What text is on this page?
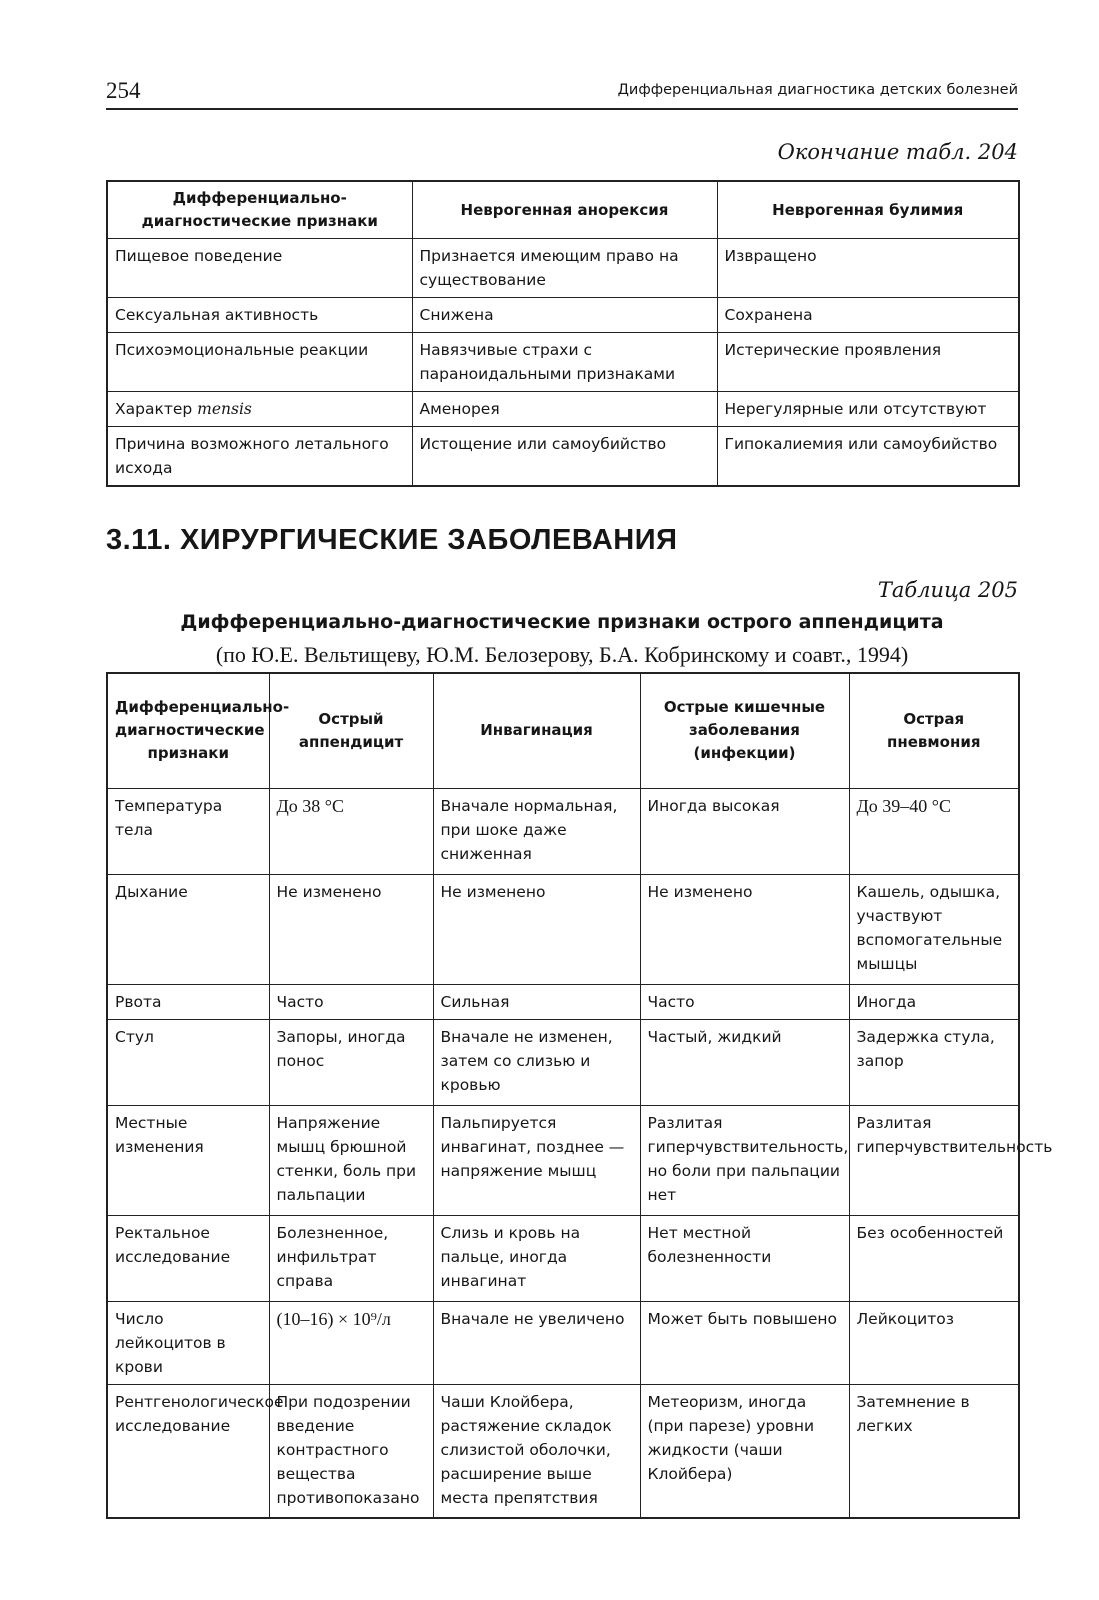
254	Дифференциальная диагностика детских болезней
Окончание табл. 204
Дифференциально-диагностические признаки	Неврогенная анорексия	Неврогенная булимия
Пищевое поведение	Признается имеющим право на существование	Извращено
Сексуальная активность	Снижена	Сохранена
Психоэмоциональные реакции	Навязчивые страхи с параноидальными признаками	Истерические проявления
Характер mensis	Аменорея	Нерегулярные или отсутствуют
Причина возможного летального исхода	Истощение или самоубийство	Гипокалиемия или самоубийство
3.11. ХИРУРГИЧЕСКИЕ ЗАБОЛЕВАНИЯ
Таблица 205
Дифференциально-диагностические признаки острого аппендицита
(по Ю.Е. Вельтищеву, Ю.М. Белозерову, Б.А. Кобринскому и соавт., 1994)
Дифференциально-диагностические признаки	Острый аппендицит	Инвагинация	Острые кишечные заболевания (инфекции)	Острая пневмония
Температура тела	До 38 °С	Вначале нормальная, при шоке даже сниженная	Иногда высокая	До 39–40 °С
Дыхание	Не изменено	Не изменено	Не изменено	Кашель, одышка, участвуют вспомогательные мышцы
Рвота	Часто	Сильная	Часто	Иногда
Стул	Запоры, иногда понос	Вначале не изменен, затем со слизью и кровью	Частый, жидкий	Задержка стула, запор
Местные изменения	Напряжение мышц брюшной стенки, боль при пальпации	Пальпируется инвагинат, позднее — напряжение мышц	Разлитая гиперчувствительность, но боли при пальпации нет	Разлитая гиперчувствительность
Ректальное исследование	Болезненное, инфильтрат справа	Слизь и кровь на пальце, иногда инвагинат	Нет местной болезненности	Без особенностей
Число лейкоцитов в крови	(10–16) × 10⁹/л	Вначале не увеличено	Может быть повышено	Лейкоцитоз
Рентгенологическое исследование	При подозрении введение контрастного вещества противопоказано	Чаши Клойбера, растяжение складок слизистой оболочки, расширение выше места препятствия	Метеоризм, иногда (при парезе) уровни жидкости (чаши Клойбера)	Затемнение в легких
